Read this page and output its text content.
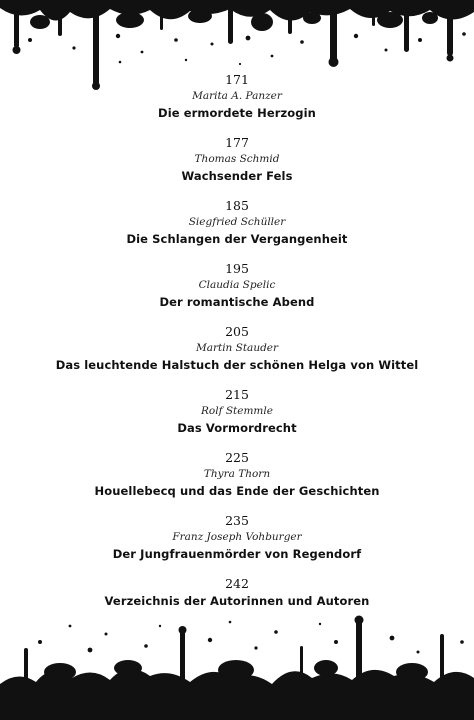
171
Marita A. Panzer
Die ermordete Herzogin
177
Thomas Schmid
Wachsender Fels
185
Siegfried Schüller
Die Schlangen der Vergangenheit
195
Claudia Spelic
Der romantische Abend
205
Martin Stauder
Das leuchtende Halstuch der schönen Helga von Wittel
215
Rolf Stemmle
Das Vormordrecht
225
Thyra Thorn
Houellebecq und das Ende der Geschichten
235
Franz Joseph Vohburger
Der Jungfrauenmörder von Regendorf
242
Verzeichnis der Autorinnen und Autoren
